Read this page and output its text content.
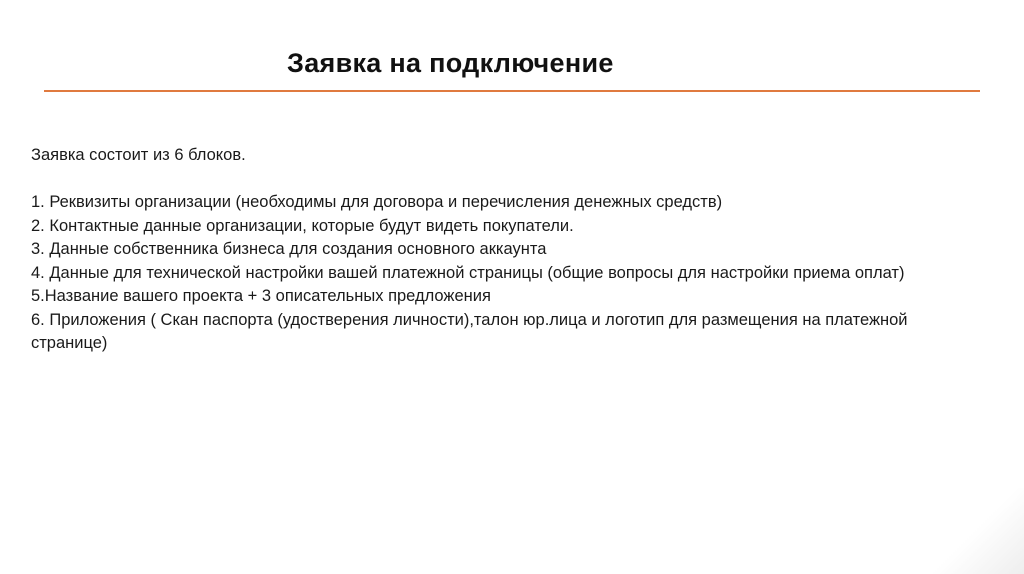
Заявка на подключение

Заявка состоит из 6 блоков.

1. Реквизиты организации (необходимы для договора и перечисления денежных средств)

2. Контактные данные организации, которые будут видеть покупатели.

3. Данные собственника бизнеса для создания основного аккаунта

4. Данные для технической настройки вашей платежной страницы (общие вопросы для настройки приема оплат)

5.Название вашего проекта + 3 описательных предложения

6. Приложения ( Скан паспорта (удостверения личности),талон юр.лица и логотип для размещения на платежной странице)
